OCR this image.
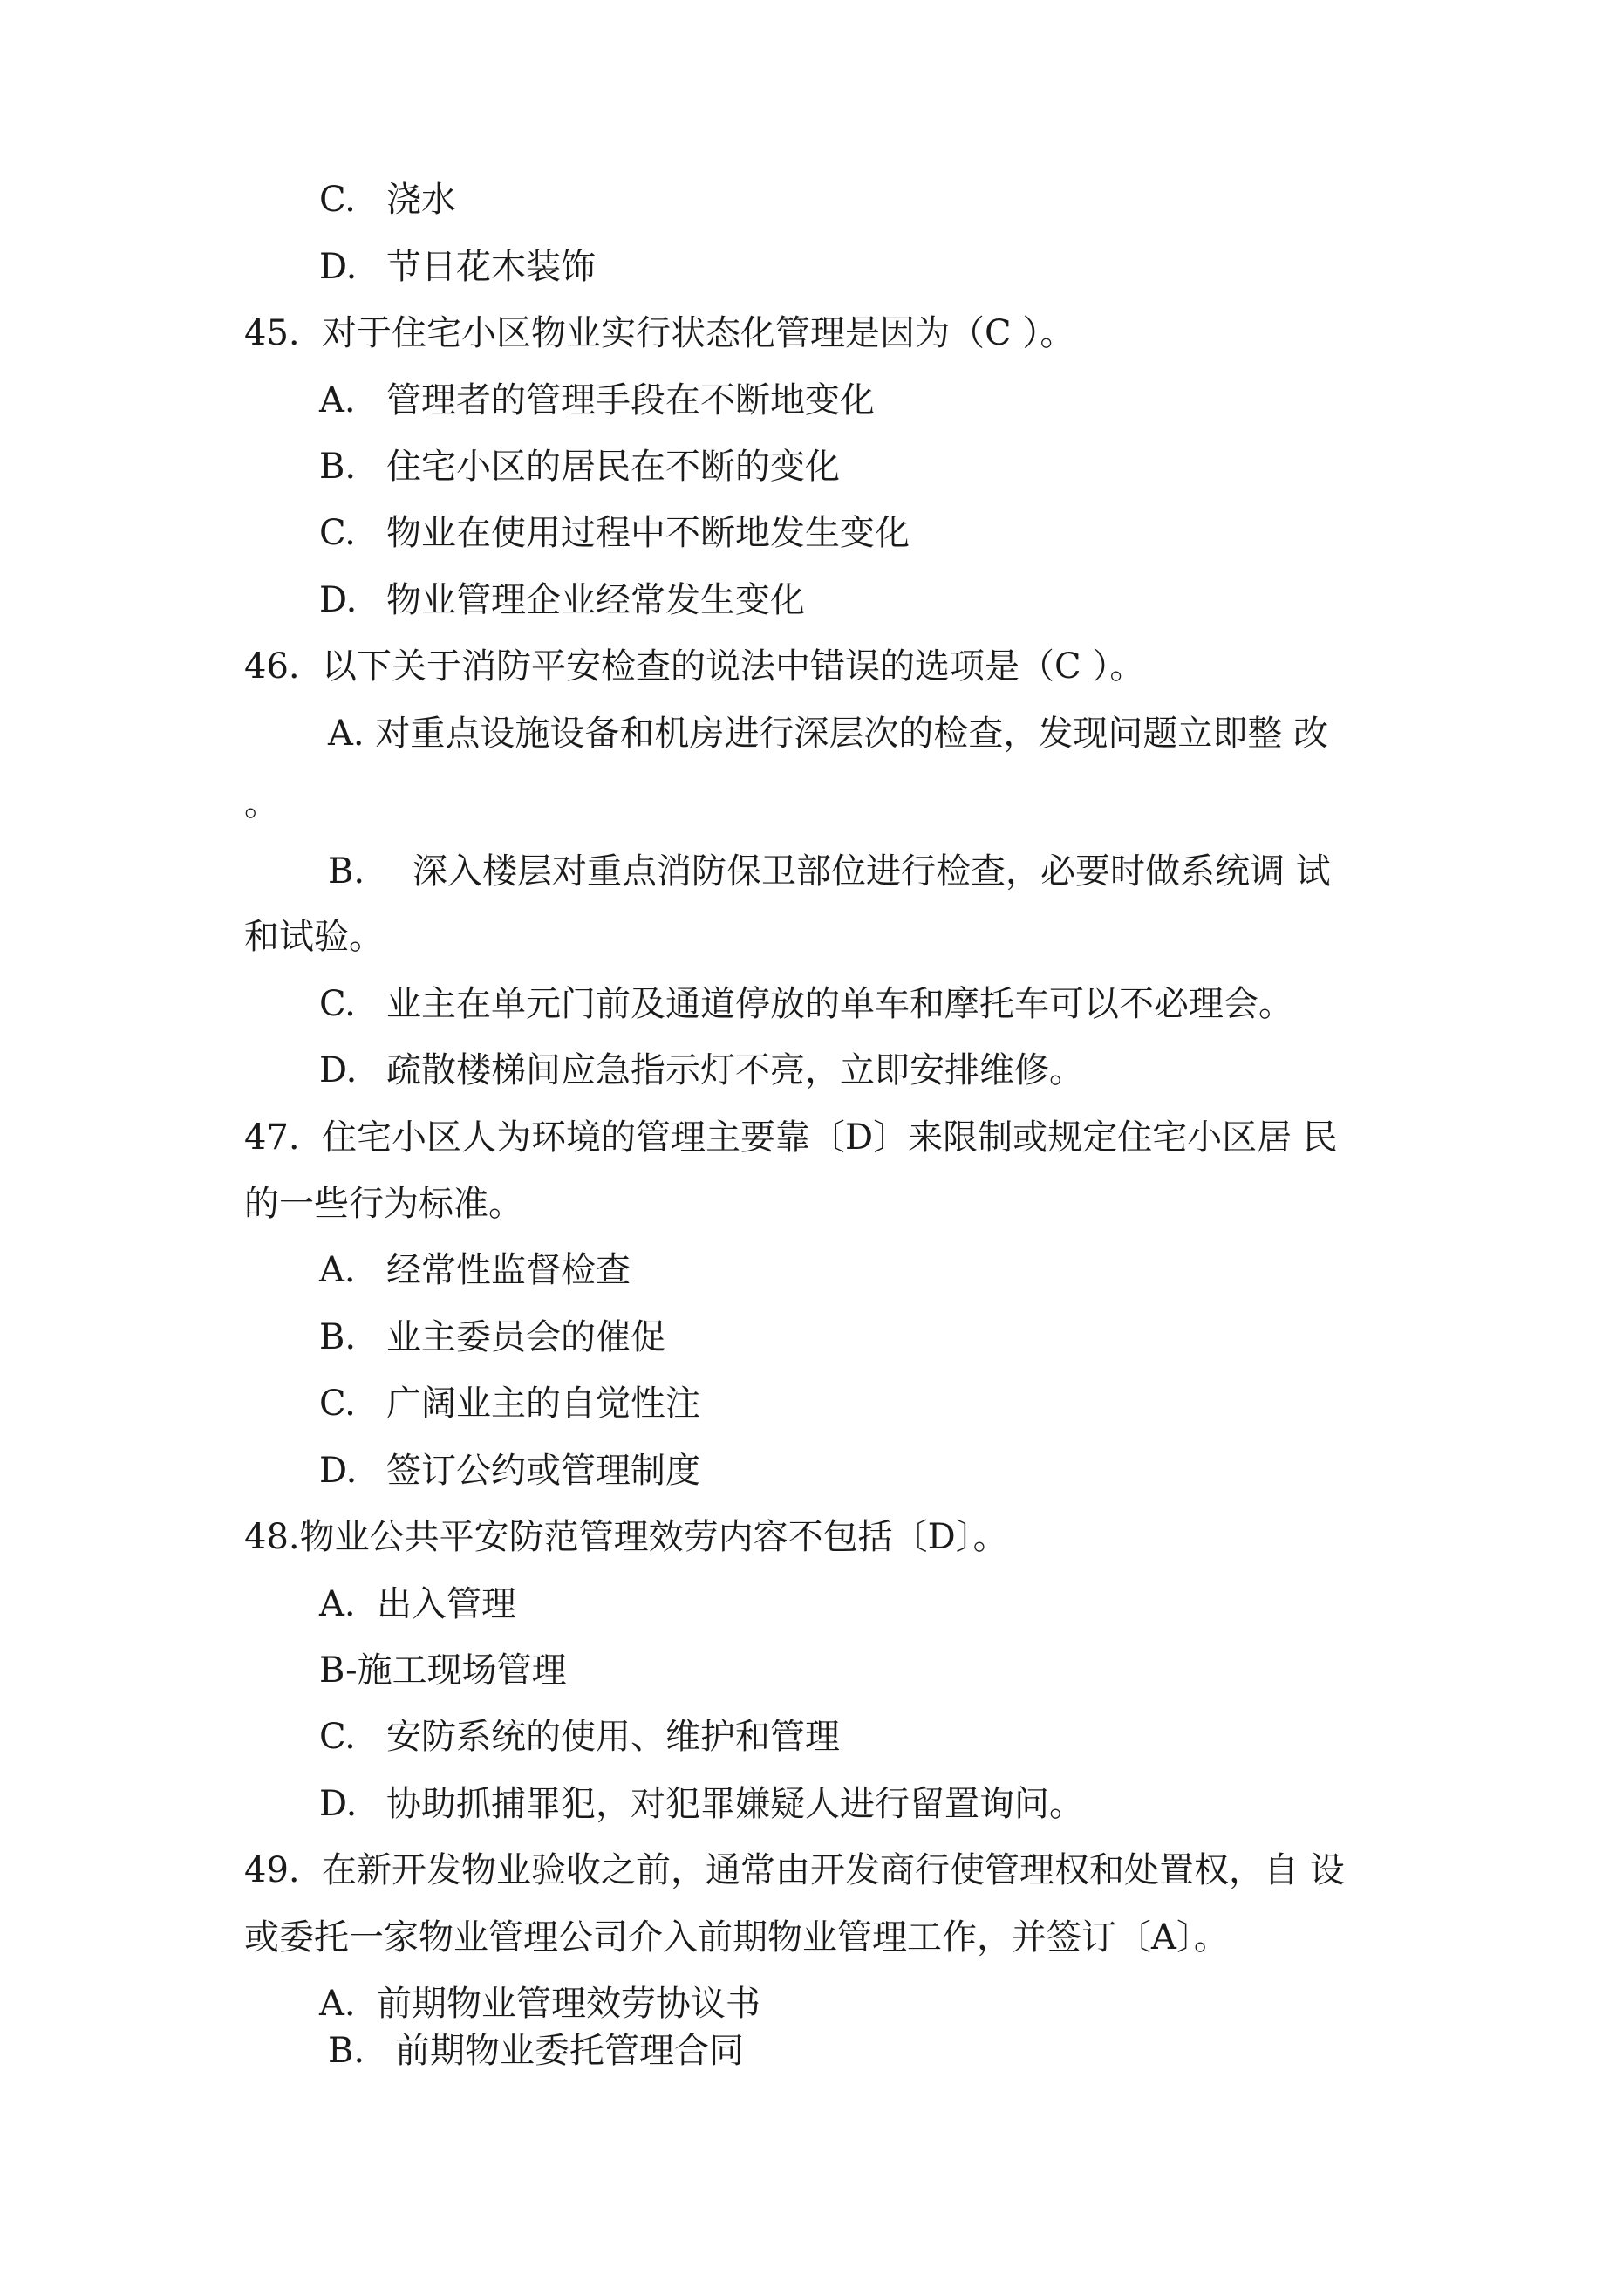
C. 浇水
D. 节日花木装饰
45. 对于住宅小区物业实行状态化管理是因为（C ）。
A. 管理者的管理手段在不断地变化
B. 住宅小区的居民在不断的变化
C. 物业在使用过程中不断地发生变化
D. 物业管理企业经常发生变化
46. 以下关于消防平安检查的说法中错误的选项是（C ）。
A. 对重点设施设备和机房进行深层次的检查，发现问题立即整 改
。
B. 深入楼层对重点消防保卫部位进行检查，必要时做系统调 试
和试验。
C. 业主在单元门前及通道停放的单车和摩托车可以不必理会。
D. 疏散楼梯间应急指示灯不亮，立即安排维修。
47. 住宅小区人为环境的管理主要靠〔D〕来限制或规定住宅小区居 民
的一些行为标准。
A. 经常性监督检查
B. 业主委员会的催促
C. 广阔业主的自觉性注
D. 签订公约或管理制度
48.物业公共平安防范管理效劳内容不包括〔D〕。
A. 出入管理
B-施工现场管理
C. 安防系统的使用、维护和管理
D. 协助抓捕罪犯，对犯罪嫌疑人进行留置询问。
49. 在新开发物业验收之前，通常由开发商行使管理权和处置权，自 设
或委托一家物业管理公司介入前期物业管理工作，并签订〔A〕。
A. 前期物业管理效劳协议书
B. 前期物业委托管理合同
